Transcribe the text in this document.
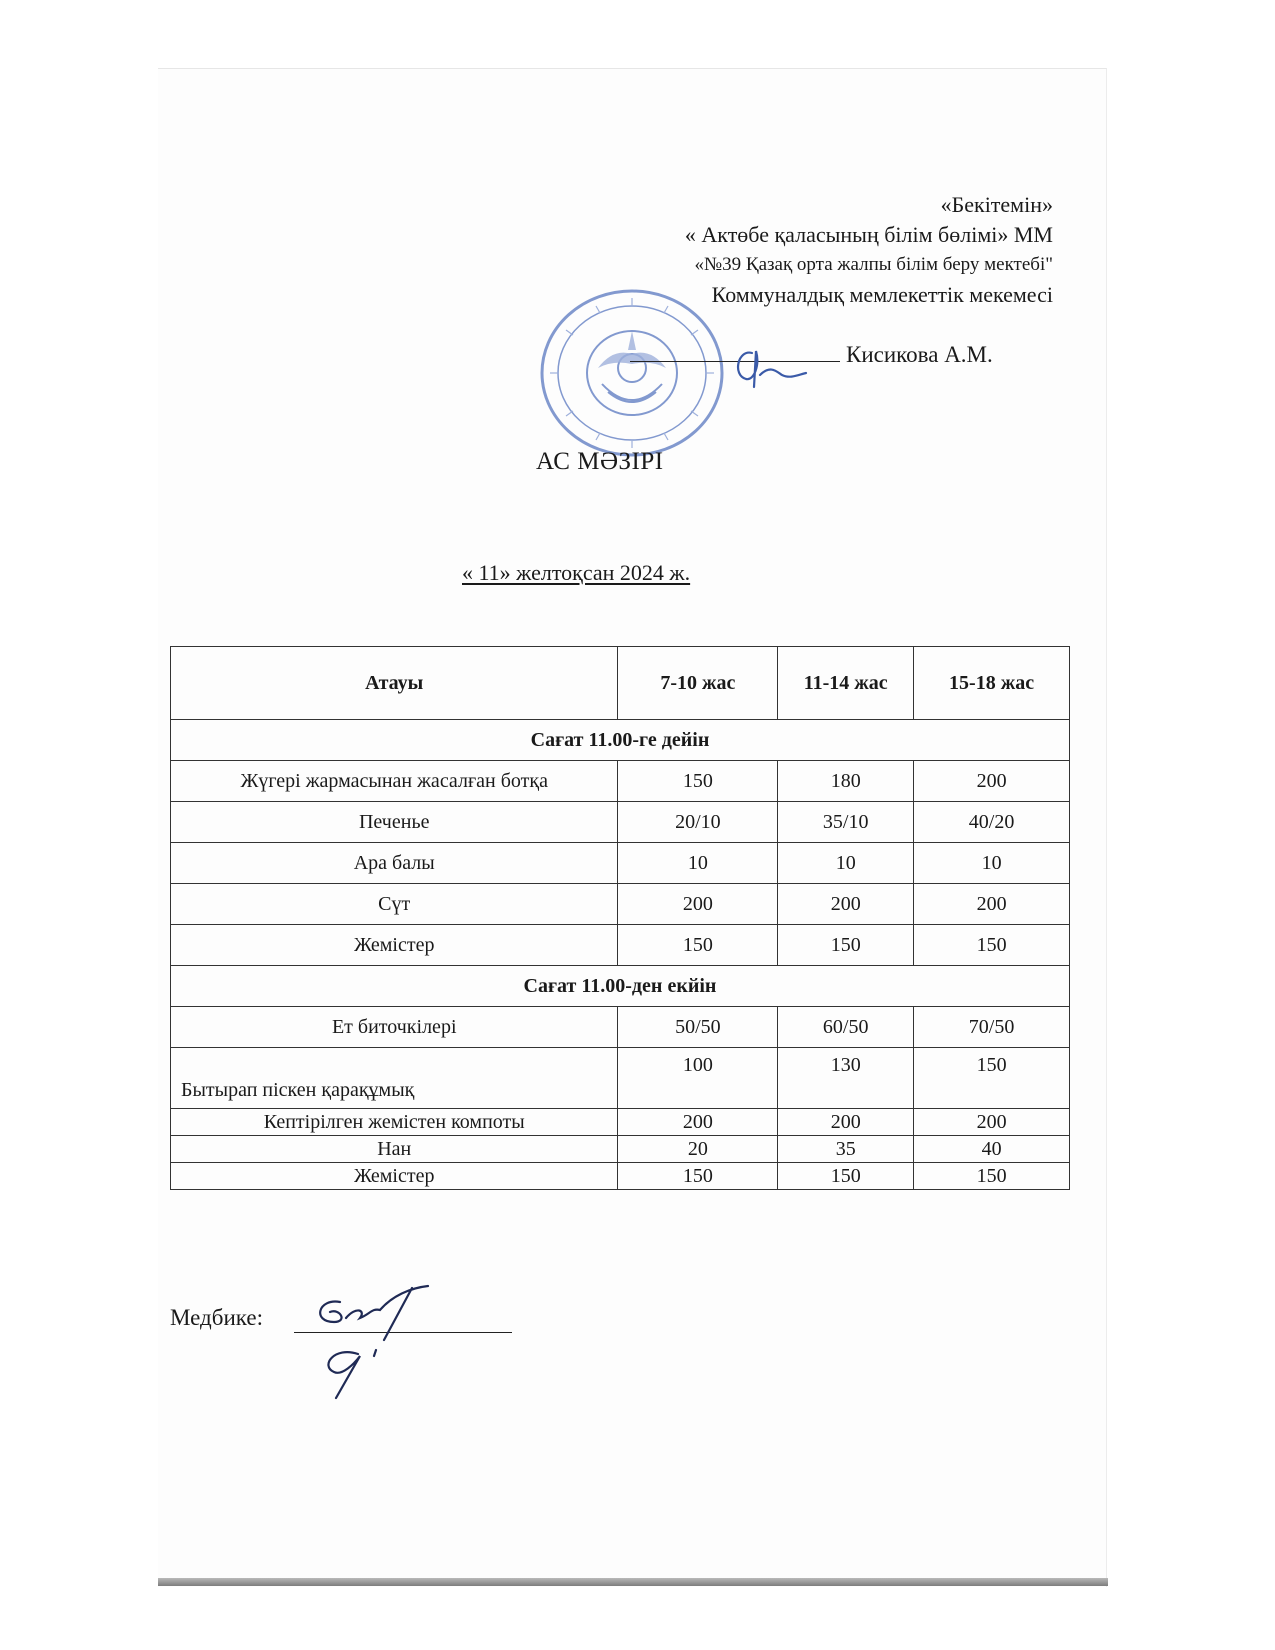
«Бекітемін»
« Актөбе қаласының білім бөлімі» ММ
«№39 Қазақ орта жалпы білім беру мектебі"
Коммуналдық мемлекеттік мекемесі
Кисикова А.М.
АС МӘЗІРІ
« 11» желтоқсан 2024 ж.
Атауы	7-10 жас	11-14 жас	15-18 жас
Сағат 11.00-ге дейін			
Жүгері жармасынан жасалған ботқа	150	180	200
Печенье	20/10	35/10	40/20
Ара балы	10	10	10
Сүт	200	200	200
Жемістер	150	150	150
Сағат 11.00-ден екйін			
Ет биточкілері	50/50	60/50	70/50
Бытырап піскен қарақұмық	100	130	150
Кептірілген жемістен компоты	200	200	200
Нан	20	35	40
Жемістер	150	150	150
Медбике:
